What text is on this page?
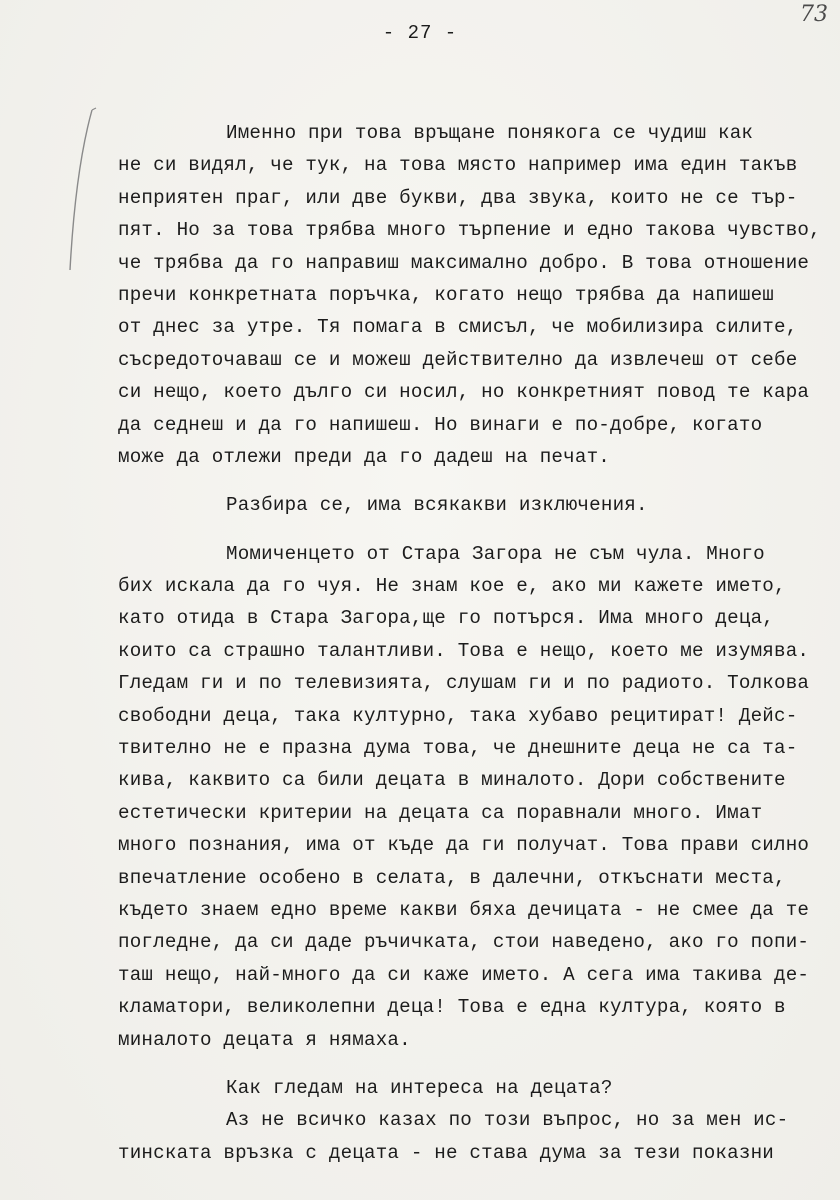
- 27 -
73
Именно при това връщане понякога се чудиш как
не си видял, че тук, на това място например има един такъв
неприятен праг, или две букви, два звука, които не се тър-
пят. Но за това трябва много търпение и едно такова чувство,
че трябва да го направиш максимално добро. В това отношение
пречи конкретната поръчка, когато нещо трябва да напишеш
от днес за утре. Тя помага в смисъл, че мобилизира силите,
съсредоточаваш се и можеш действително да извлечеш от себе
си нещо, което дълго си носил, но конкретният повод те кара
да седнеш и да го напишеш. Но винаги е по-добре, когато
може да отлежи преди да го дадеш на печат.
Разбира се, има всякакви изключения.
Момиченцето от Стара Загора не съм чула. Много
бих искала да го чуя. Не знам кое е, ако ми кажете името,
като отида в Стара Загора,ще го потърся. Има много деца,
които са страшно талантливи. Това е нещо, което ме изумява.
Гледам ги и по телевизията, слушам ги и по радиото. Толкова
свободни деца, така културно, така хубаво рецитират! Дейс-
твително не е празна дума това, че днешните деца не са та-
кива, каквито са били децата в миналото. Дори собствените
естетически критерии на децата са поравнали много. Имат
много познания, има от къде да ги получат. Това прави силно
впечатление особено в селата, в далечни, откъснати места,
където знаем едно време какви бяха дечицата - не смее да те
погледне, да си даде ръчичката, стои наведено, ако го попи-
таш нещо, най-много да си каже името. А сега има такива де-
кламатори, великолепни деца! Това е една култура, която в
миналото децата я нямаха.
Как гледам на интереса на децата?
Аз не всичко казах по този въпрос, но за мен ис-
тинската връзка с децата - не става дума за тези показни
